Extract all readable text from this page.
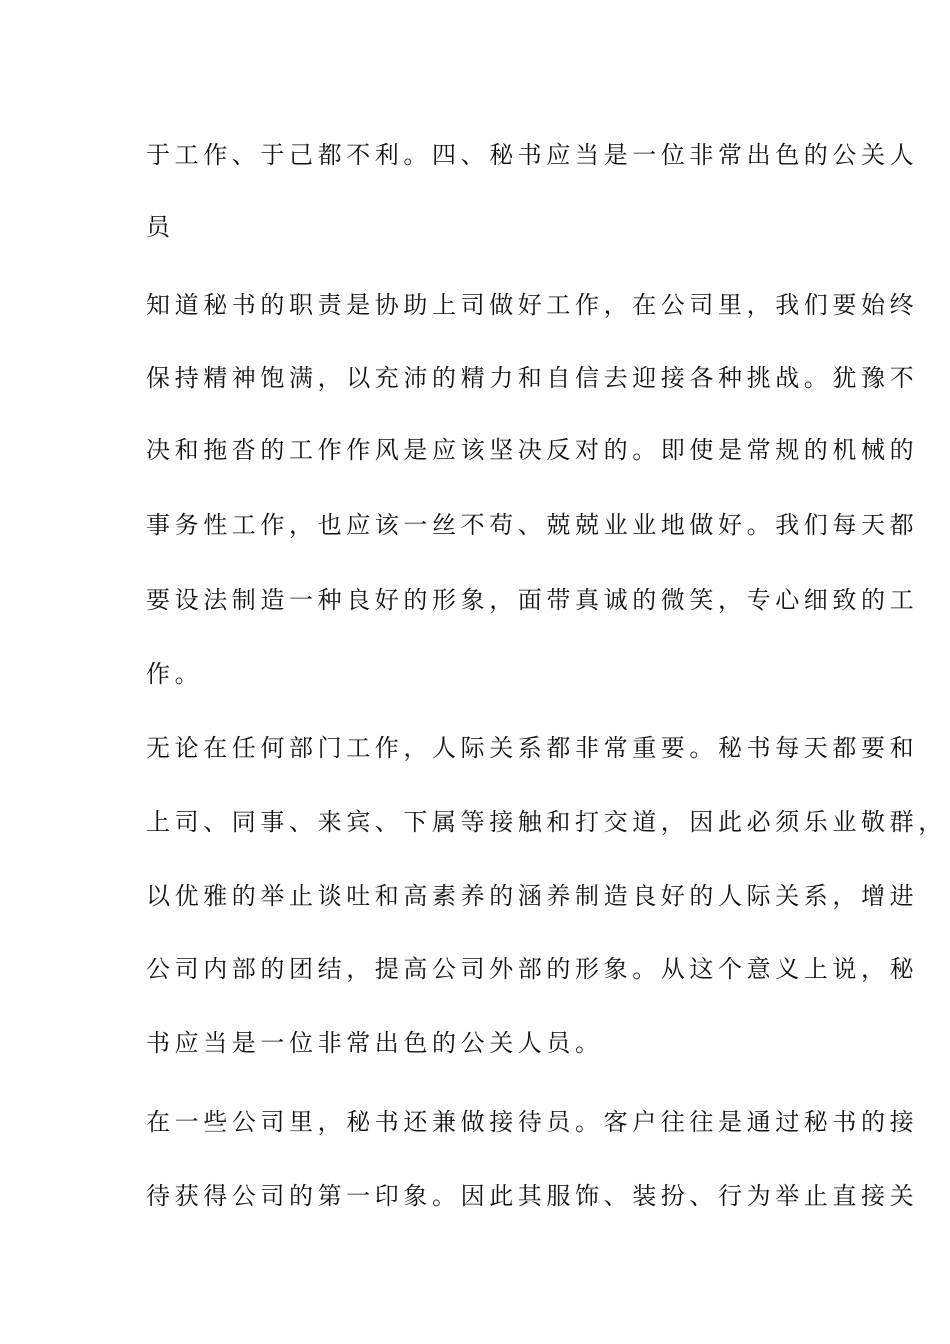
于工作、于己都不利。四、秘书应当是一位非常出色的公关人
员
知道秘书的职责是协助上司做好工作，在公司里，我们要始终
保持精神饱满，以充沛的精力和自信去迎接各种挑战。犹豫不
决和拖沓的工作作风是应该坚决反对的。即使是常规的机械的
事务性工作，也应该一丝不苟、兢兢业业地做好。我们每天都
要设法制造一种良好的形象，面带真诚的微笑，专心细致的工
作。
无论在任何部门工作，人际关系都非常重要。秘书每天都要和
上司、同事、来宾、下属等接触和打交道，因此必须乐业敬群，
以优雅的举止谈吐和高素养的涵养制造良好的人际关系，增进
公司内部的团结，提高公司外部的形象。从这个意义上说，秘
书应当是一位非常出色的公关人员。
在一些公司里，秘书还兼做接待员。客户往往是通过秘书的接
待获得公司的第一印象。因此其服饰、装扮、行为举止直接关
